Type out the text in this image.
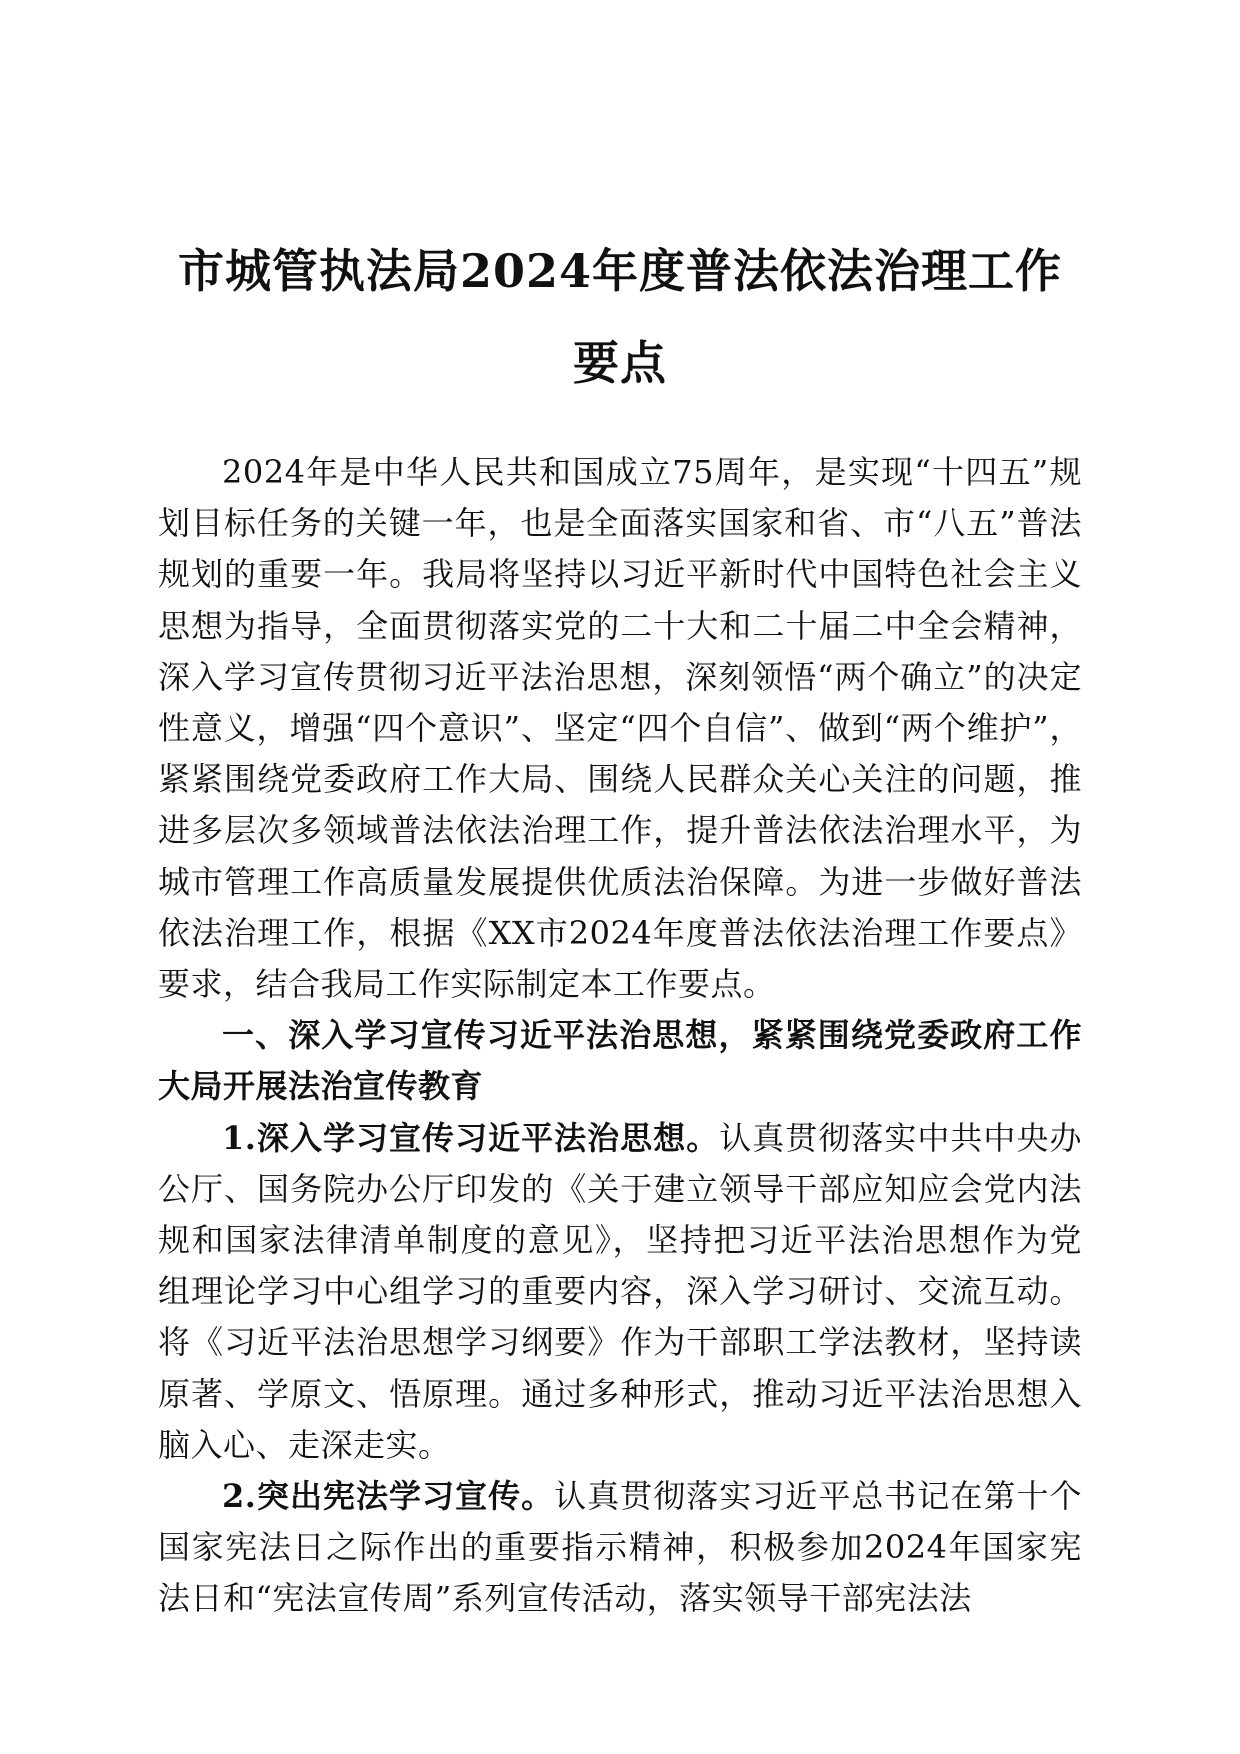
市城管执法局2024年度普法依法治理工作要点

2024年是中华人民共和国成立75周年，是实现“十四五”规划目标任务的关键一年，也是全面落实国家和省、市“八五”普法规划的重要一年。我局将坚持以习近平新时代中国特色社会主义思想为指导，全面贯彻落实党的二十大和二十届二中全会精神，深入学习宣传贯彻习近平法治思想，深刻领悟“两个确立”的决定性意义，增强“四个意识”、坚定“四个自信”、做到“两个维护”，紧紧围绕党委政府工作大局、围绕人民群众关心关注的问题，推进多层次多领域普法依法治理工作，提升普法依法治理水平，为城市管理工作高质量发展提供优质法治保障。为进一步做好普法依法治理工作，根据《XX市2024年度普法依法治理工作要点》要求，结合我局工作实际制定本工作要点。

一、深入学习宣传习近平法治思想，紧紧围绕党委政府工作大局开展法治宣传教育

1.深入学习宣传习近平法治思想。认真贯彻落实中共中央办公厅、国务院办公厅印发的《关于建立领导干部应知应会党内法规和国家法律清单制度的意见》，坚持把习近平法治思想作为党组理论学习中心组学习的重要内容，深入学习研讨、交流互动。将《习近平法治思想学习纲要》作为干部职工学法教材，坚持读原著、学原文、悟原理。通过多种形式，推动习近平法治思想入脑入心、走深走实。

2.突出宪法学习宣传。认真贯彻落实习近平总书记在第十个国家宪法日之际作出的重要指示精神，积极参加2024年国家宪法日和“宪法宣传周”系列宣传活动，落实领导干部宪法法
